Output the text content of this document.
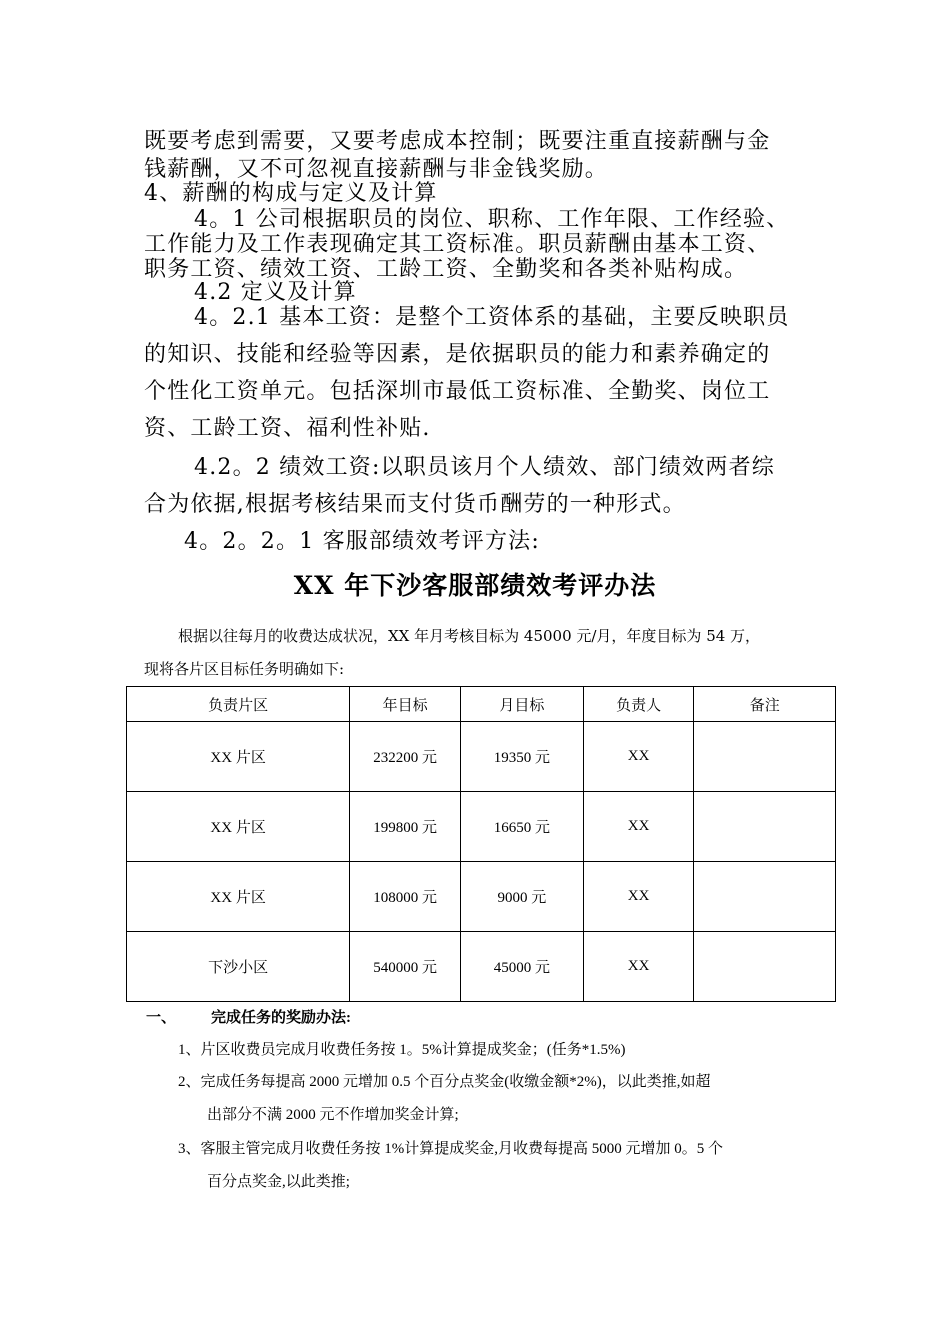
既要考虑到需要，又要考虑成本控制；既要注重直接薪酬与金
钱薪酬，又不可忽视直接薪酬与非金钱奖励。
4、薪酬的构成与定义及计算
4。1 公司根据职员的岗位、职称、工作年限、工作经验、
工作能力及工作表现确定其工资标准。职员薪酬由基本工资、
职务工资、绩效工资、工龄工资、全勤奖和各类补贴构成。
4.2 定义及计算
4。2.1 基本工资：是整个工资体系的基础，主要反映职员
的知识、技能和经验等因素，是依据职员的能力和素养确定的
个性化工资单元。包括深圳市最低工资标准、全勤奖、岗位工
资、工龄工资、福利性补贴.
4.2。2 绩效工资:以职员该月个人绩效、部门绩效两者综
合为依据,根据考核结果而支付货币酬劳的一种形式。
4。2。2。1 客服部绩效考评方法:
XX 年下沙客服部绩效考评办法
根据以往每月的收费达成状况，XX 年月考核目标为 45000 元/月，年度目标为 54 万，
现将各片区目标任务明确如下:
负责片区	年目标	月目标	负责人	备注
XX 片区	232200 元	19350 元	XX	
XX 片区	199800 元	16650 元	XX	
XX 片区	108000 元	9000 元	XX	
下沙小区	540000 元	45000 元	XX	
一、 完成任务的奖励办法:
1、片区收费员完成月收费任务按 1。5%计算提成奖金；(任务*1.5%)
2、完成任务每提高 2000 元增加 0.5 个百分点奖金(收缴金额*2%)，以此类推,如超
出部分不满 2000 元不作增加奖金计算;
3、客服主管完成月收费任务按 1%计算提成奖金,月收费每提高 5000 元增加 0。5 个
百分点奖金,以此类推;
